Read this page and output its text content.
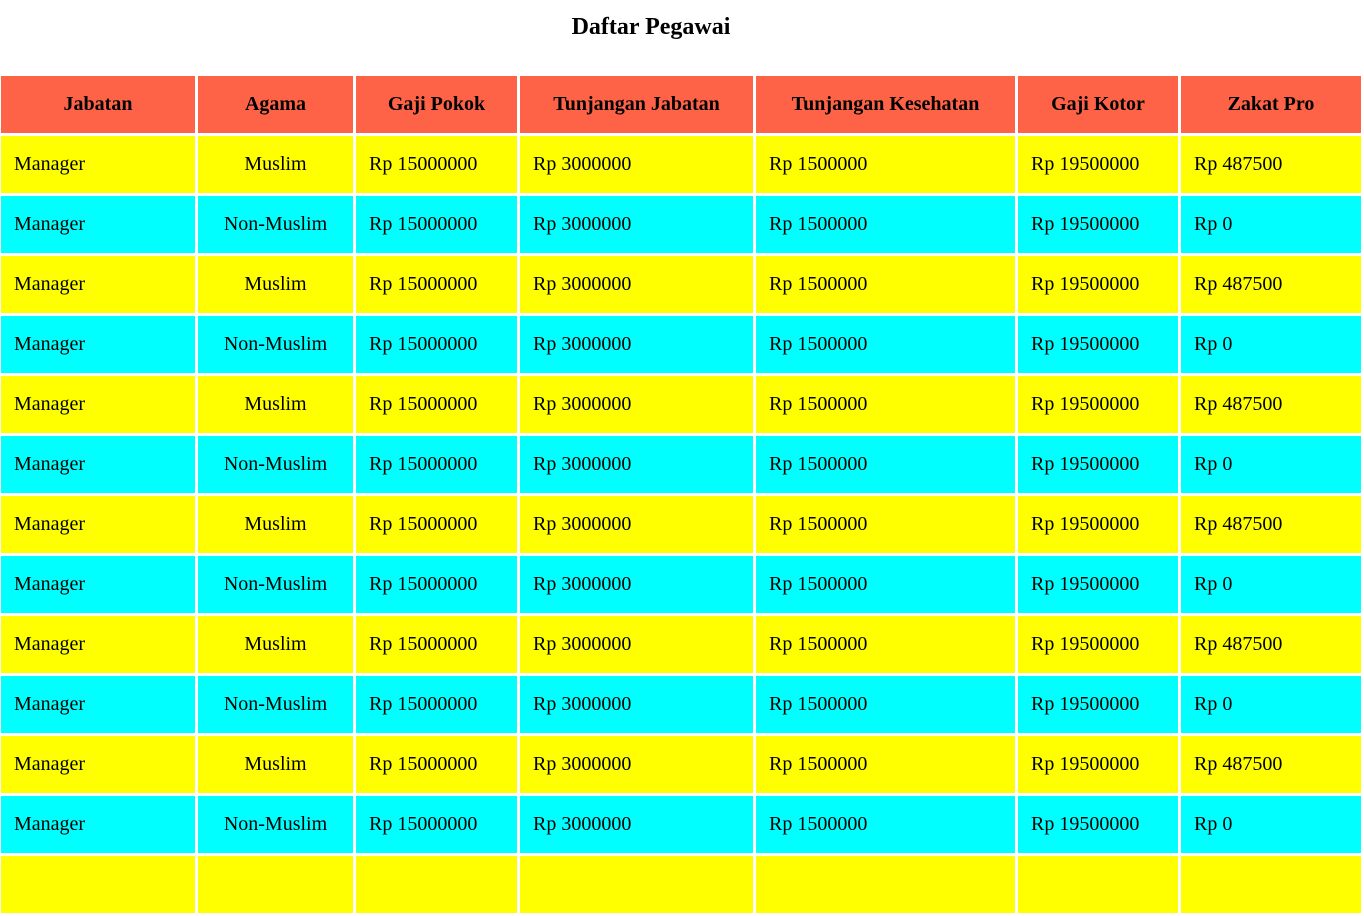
Daftar Pegawai
Jabatan	Agama	Gaji Pokok	Tunjangan Jabatan	Tunjangan Kesehatan	Gaji Kotor	Zakat Pro
Manager	Muslim	Rp 15000000	Rp 3000000	Rp 1500000	Rp 19500000	Rp 487500
Manager	Non-Muslim	Rp 15000000	Rp 3000000	Rp 1500000	Rp 19500000	Rp 0
Manager	Muslim	Rp 15000000	Rp 3000000	Rp 1500000	Rp 19500000	Rp 487500
Manager	Non-Muslim	Rp 15000000	Rp 3000000	Rp 1500000	Rp 19500000	Rp 0
Manager	Muslim	Rp 15000000	Rp 3000000	Rp 1500000	Rp 19500000	Rp 487500
Manager	Non-Muslim	Rp 15000000	Rp 3000000	Rp 1500000	Rp 19500000	Rp 0
Manager	Muslim	Rp 15000000	Rp 3000000	Rp 1500000	Rp 19500000	Rp 487500
Manager	Non-Muslim	Rp 15000000	Rp 3000000	Rp 1500000	Rp 19500000	Rp 0
Manager	Muslim	Rp 15000000	Rp 3000000	Rp 1500000	Rp 19500000	Rp 487500
Manager	Non-Muslim	Rp 15000000	Rp 3000000	Rp 1500000	Rp 19500000	Rp 0
Manager	Muslim	Rp 15000000	Rp 3000000	Rp 1500000	Rp 19500000	Rp 487500
Manager	Non-Muslim	Rp 15000000	Rp 3000000	Rp 1500000	Rp 19500000	Rp 0
